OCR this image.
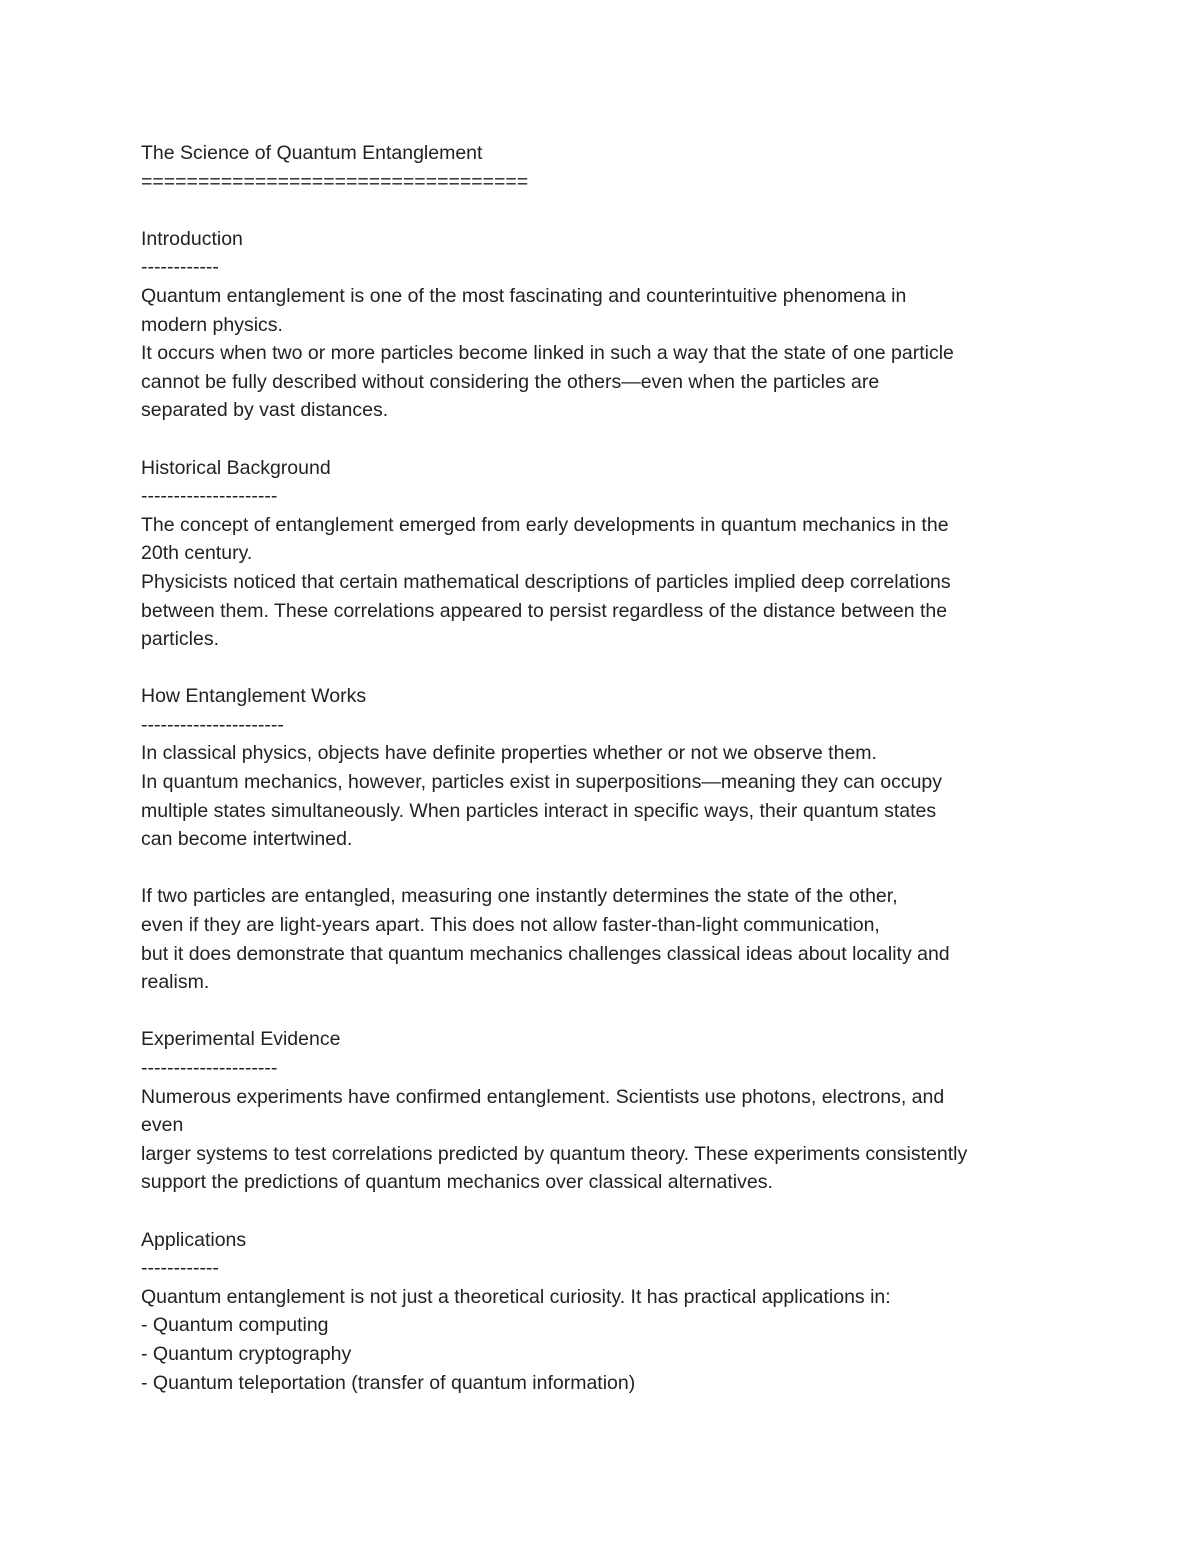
The Science of Quantum Entanglement
==================================
Introduction
------------
Quantum entanglement is one of the most fascinating and counterintuitive phenomena in
modern physics.
It occurs when two or more particles become linked in such a way that the state of one particle
cannot be fully described without considering the others—even when the particles are
separated by vast distances.
Historical Background
---------------------
The concept of entanglement emerged from early developments in quantum mechanics in the
20th century.
Physicists noticed that certain mathematical descriptions of particles implied deep correlations
between them. These correlations appeared to persist regardless of the distance between the
particles.
How Entanglement Works
----------------------
In classical physics, objects have definite properties whether or not we observe them.
In quantum mechanics, however, particles exist in superpositions—meaning they can occupy
multiple states simultaneously. When particles interact in specific ways, their quantum states
can become intertwined.
If two particles are entangled, measuring one instantly determines the state of the other,
even if they are light-years apart. This does not allow faster-than-light communication,
but it does demonstrate that quantum mechanics challenges classical ideas about locality and
realism.
Experimental Evidence
---------------------
Numerous experiments have confirmed entanglement. Scientists use photons, electrons, and
even
larger systems to test correlations predicted by quantum theory. These experiments consistently
support the predictions of quantum mechanics over classical alternatives.
Applications
------------
Quantum entanglement is not just a theoretical curiosity. It has practical applications in:
- Quantum computing
- Quantum cryptography
- Quantum teleportation (transfer of quantum information)
